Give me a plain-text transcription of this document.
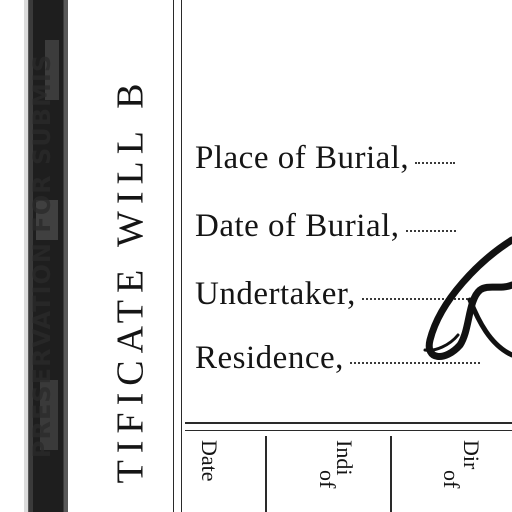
PRESERVATION FOR SUBMIS TIFICATE WILL B Place of Burial,
Date of Burial,
Undertaker,
Residence,
Date	Indi
of
Dir
of
